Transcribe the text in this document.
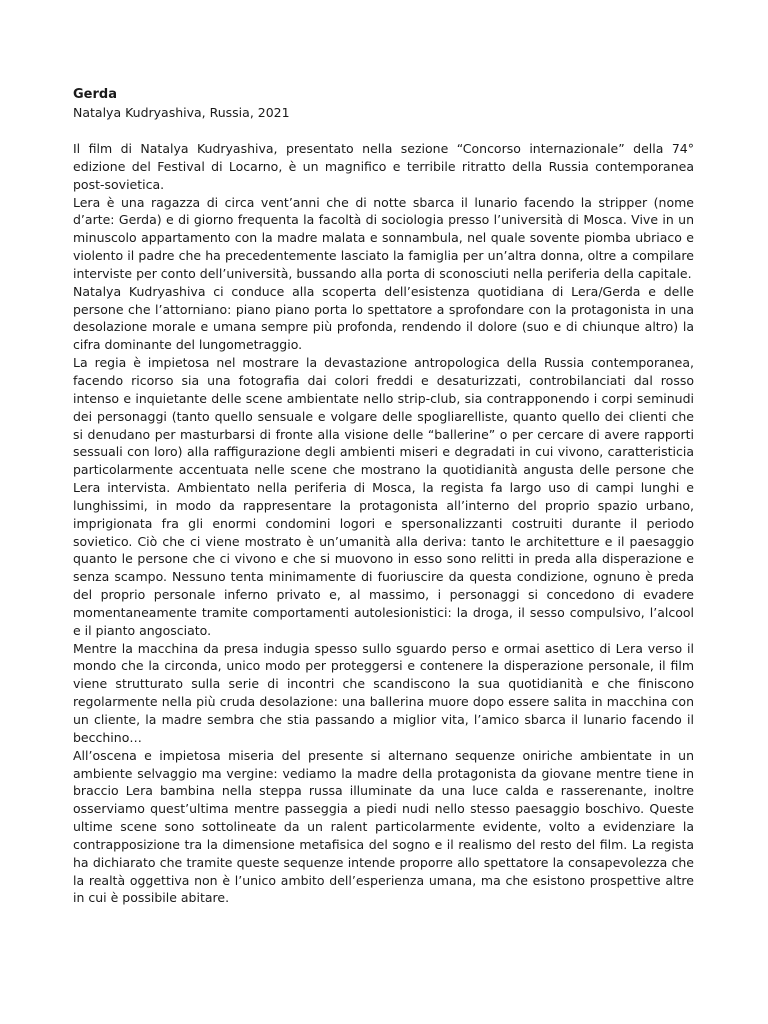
Gerda

Natalya Kudryashiva, Russia, 2021

Il film di Natalya Kudryashiva, presentato nella sezione “Concorso internazionale” della 74° edizione del Festival di Locarno, è un magnifico e terribile ritratto della Russia contemporanea post-sovietica.

Lera è una ragazza di circa vent’anni che di notte sbarca il lunario facendo la stripper (nome d’arte: Gerda) e di giorno frequenta la facoltà di sociologia presso l’università di Mosca. Vive in un minuscolo appartamento con la madre malata e sonnambula, nel quale sovente piomba ubriaco e violento il padre che ha precedentemente lasciato la famiglia per un’altra donna, oltre a compilare interviste per conto dell’università, bussando alla porta di sconosciuti nella periferia della capitale.

Natalya Kudryashiva ci conduce alla scoperta dell’esistenza quotidiana di Lera/Gerda e delle persone che l’attorniano: piano piano porta lo spettatore a sprofondare con la protagonista in una desolazione morale e umana sempre più profonda, rendendo il dolore (suo e di chiunque altro) la cifra dominante del lungometraggio.

La regia è impietosa nel mostrare la devastazione antropologica della Russia contemporanea, facendo ricorso sia una fotografia dai colori freddi e desaturizzati, controbilanciati dal rosso intenso e inquietante delle scene ambientate nello strip-club, sia contrapponendo i corpi seminudi dei personaggi (tanto quello sensuale e volgare delle spogliarelliste, quanto quello dei clienti che si denudano per masturbarsi di fronte alla visione delle “ballerine” o per cercare di avere rapporti sessuali con loro) alla raffigurazione degli ambienti miseri e degradati in cui vivono, caratteristicia particolarmente accentuata nelle scene che mostrano la quotidianità angusta delle persone che Lera intervista. Ambientato nella periferia di Mosca, la regista fa largo uso di campi lunghi e lunghissimi, in modo da rappresentare la protagonista all’interno del proprio spazio urbano, imprigionata fra gli enormi condomini logori e spersonalizzanti costruiti durante il periodo sovietico. Ciò che ci viene mostrato è un’umanità alla deriva: tanto le architetture e il paesaggio quanto le persone che ci vivono e che si muovono in esso sono relitti in preda alla disperazione e senza scampo. Nessuno tenta minimamente di fuoriuscire da questa condizione, ognuno è preda del proprio personale inferno privato e, al massimo, i personaggi si concedono di evadere momentaneamente tramite comportamenti autolesionistici: la droga, il sesso compulsivo, l’alcool e il pianto angosciato.

Mentre la macchina da presa indugia spesso sullo sguardo perso e ormai asettico di Lera verso il mondo che la circonda, unico modo per proteggersi e contenere la disperazione personale, il film viene strutturato sulla serie di incontri che scandiscono la sua quotidianità e che finiscono regolarmente nella più cruda desolazione: una ballerina muore dopo essere salita in macchina con un cliente, la madre sembra che stia passando a miglior vita, l’amico sbarca il lunario facendo il becchino…

All’oscena e impietosa miseria del presente si alternano sequenze oniriche ambientate in un ambiente selvaggio ma vergine: vediamo la madre della protagonista da giovane mentre tiene in braccio Lera bambina nella steppa russa illuminate da una luce calda e rasserenante, inoltre osserviamo quest’ultima mentre passeggia a piedi nudi nello stesso paesaggio boschivo. Queste ultime scene sono sottolineate da un ralent particolarmente evidente, volto a evidenziare la contrapposizione tra la dimensione metafisica del sogno e il realismo del resto del film. La regista ha dichiarato che tramite queste sequenze intende proporre allo spettatore la consapevolezza che la realtà oggettiva non è l’unico ambito dell’esperienza umana, ma che esistono prospettive altre in cui è possibile abitare.
